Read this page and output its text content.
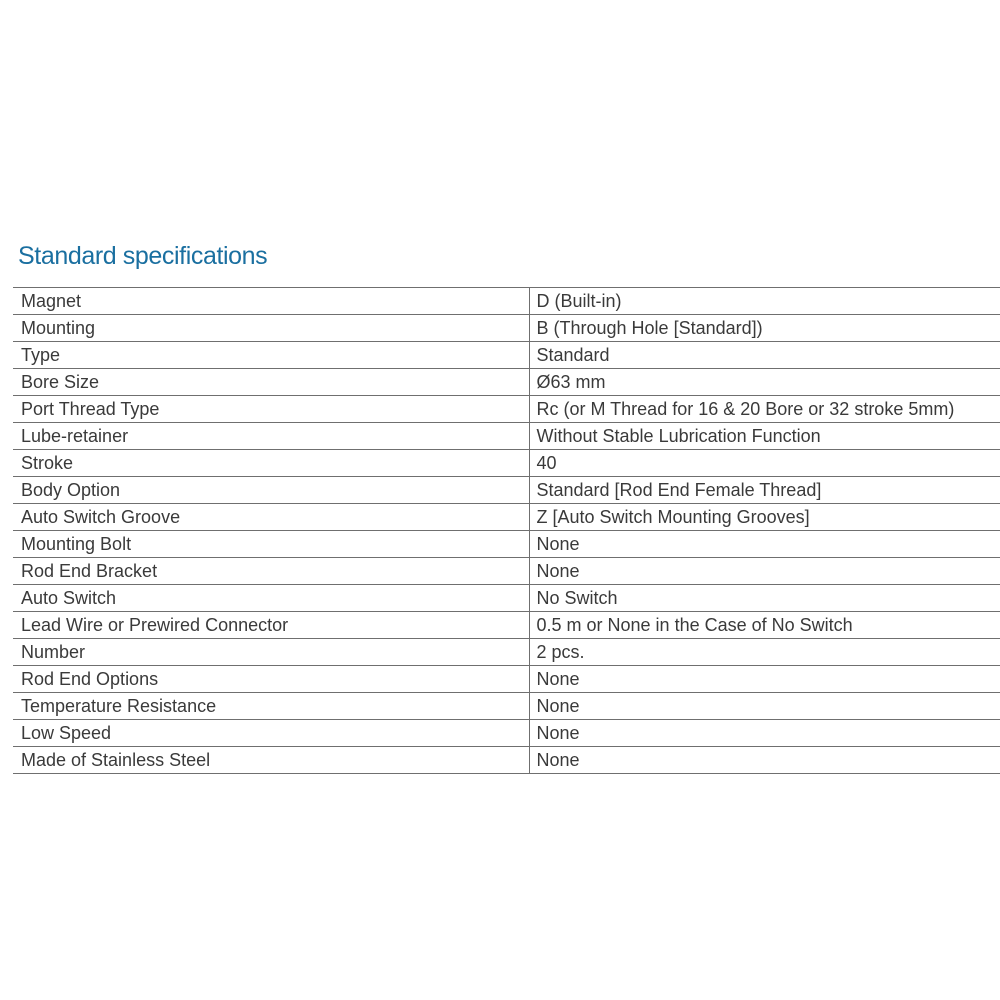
Standard specifications
Magnet	D (Built-in)
Mounting	B (Through Hole [Standard])
Type	Standard
Bore Size	Ø63 mm
Port Thread Type	Rc (or M Thread for 16 & 20 Bore or 32 stroke 5mm)
Lube-retainer	Without Stable Lubrication Function
Stroke	40
Body Option	Standard [Rod End Female Thread]
Auto Switch Groove	Z [Auto Switch Mounting Grooves]
Mounting Bolt	None
Rod End Bracket	None
Auto Switch	No Switch
Lead Wire or Prewired Connector	0.5 m or None in the Case of No Switch
Number	2 pcs.
Rod End Options	None
Temperature Resistance	None
Low Speed	None
Made of Stainless Steel	None
